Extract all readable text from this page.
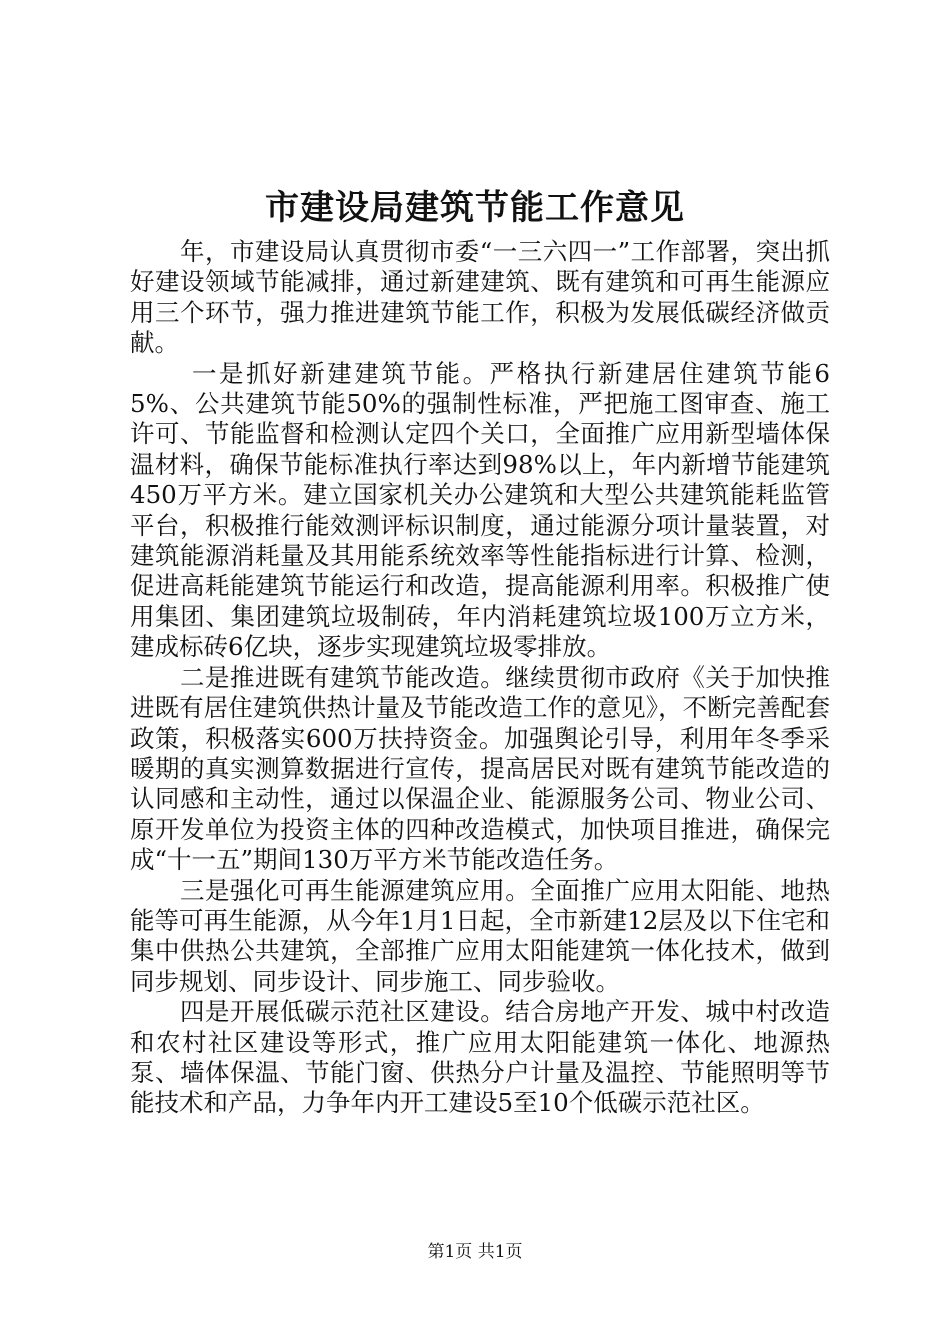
市建设局建筑节能工作意见

年，市建设局认真贯彻市委“一三六四一”工作部署，突出抓好建设领域节能减排，通过新建建筑、既有建筑和可再生能源应用三个环节，强力推进建筑节能工作，积极为发展低碳经济做贡献。

一是抓好新建建筑节能。严格执行新建居住建筑节能65%、公共建筑节能50%的强制性标准，严把施工图审查、施工许可、节能监督和检测认定四个关口，全面推广应用新型墙体保温材料，确保节能标准执行率达到98%以上，年内新增节能建筑450万平方米。建立国家机关办公建筑和大型公共建筑能耗监管平台，积极推行能效测评标识制度，通过能源分项计量装置，对建筑能源消耗量及其用能系统效率等性能指标进行计算、检测，促进高耗能建筑节能运行和改造，提高能源利用率。积极推广使用集团、集团建筑垃圾制砖，年内消耗建筑垃圾100万立方米，建成标砖6亿块，逐步实现建筑垃圾零排放。

二是推进既有建筑节能改造。继续贯彻市政府《关于加快推进既有居住建筑供热计量及节能改造工作的意见》，不断完善配套政策，积极落实600万扶持资金。加强舆论引导，利用年冬季采暖期的真实测算数据进行宣传，提高居民对既有建筑节能改造的认同感和主动性，通过以保温企业、能源服务公司、物业公司、原开发单位为投资主体的四种改造模式，加快项目推进，确保完成“十一五”期间130万平方米节能改造任务。

三是强化可再生能源建筑应用。全面推广应用太阳能、地热能等可再生能源，从今年1月1日起，全市新建12层及以下住宅和集中供热公共建筑，全部推广应用太阳能建筑一体化技术，做到同步规划、同步设计、同步施工、同步验收。

四是开展低碳示范社区建设。结合房地产开发、城中村改造和农村社区建设等形式，推广应用太阳能建筑一体化、地源热泵、墙体保温、节能门窗、供热分户计量及温控、节能照明等节能技术和产品，力争年内开工建设5至10个低碳示范社区。

第1页 共1页
